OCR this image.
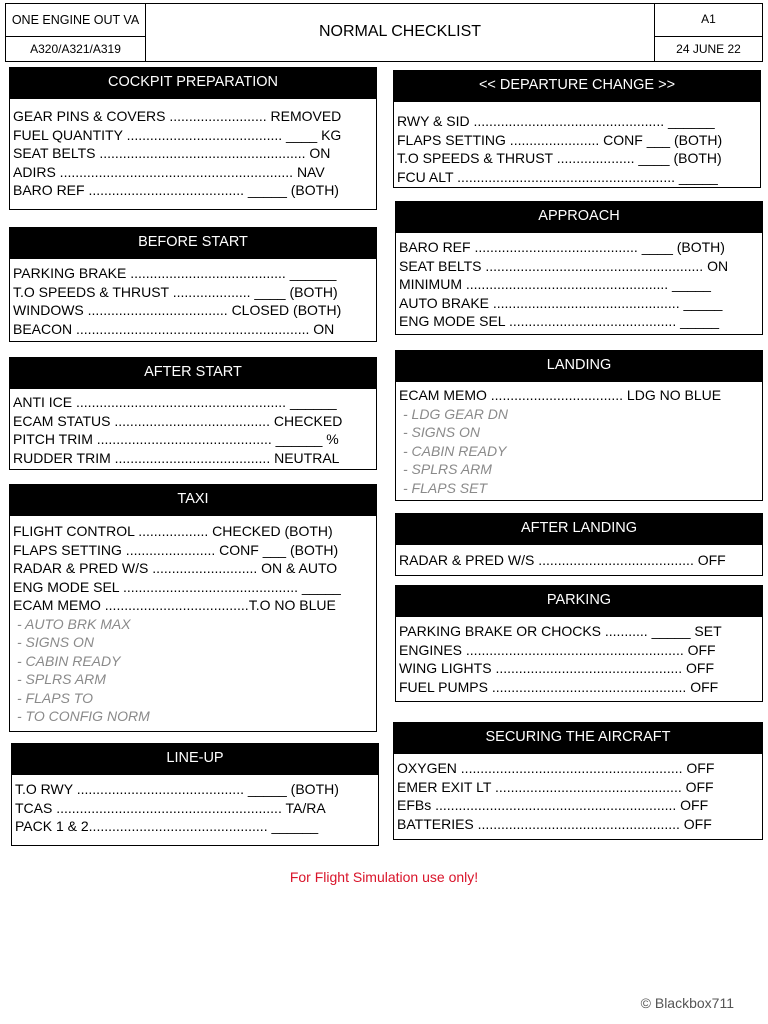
ONE ENGINE OUT VA
A320/A321/A319
NORMAL CHECKLIST
A1
24 JUNE 22
COCKPIT PREPARATION
GEAR PINS & COVERS ......................... REMOVED
FUEL QUANTITY ........................................ ____ KG
SEAT BELTS ..................................................... ON
ADIRS ............................................................ NAV
BARO REF ........................................ _____ (BOTH)
BEFORE START
PARKING BRAKE ........................................ ______
T.O SPEEDS & THRUST .................... ____ (BOTH)
WINDOWS .................................... CLOSED (BOTH)
BEACON ............................................................ ON
AFTER START
ANTI ICE ...................................................... ______
ECAM STATUS ........................................ CHECKED
PITCH TRIM ............................................. ______ %
RUDDER TRIM ........................................ NEUTRAL
TAXI
FLIGHT CONTROL .................. CHECKED (BOTH)
FLAPS SETTING ....................... CONF ___ (BOTH)
RADAR & PRED W/S ........................... ON & AUTO
ENG MODE SEL ............................................. _____
ECAM MEMO .....................................T.O NO BLUE
- AUTO BRK MAX
- SIGNS ON
- CABIN READY
- SPLRS ARM
- FLAPS TO
- TO CONFIG NORM
LINE-UP
T.O RWY ........................................... _____ (BOTH)
TCAS .......................................................... TA/RA
PACK 1 & 2.............................................. ______
<< DEPARTURE CHANGE >>
RWY & SID ................................................. ______
FLAPS SETTING ....................... CONF ___ (BOTH)
T.O SPEEDS & THRUST .................... ____ (BOTH)
FCU ALT ........................................................ _____
APPROACH
BARO REF .......................................... ____ (BOTH)
SEAT BELTS ........................................................ ON
MINIMUM .................................................... _____
AUTO BRAKE ................................................ _____
ENG MODE SEL ........................................... _____
LANDING
ECAM MEMO .................................. LDG NO BLUE
- LDG GEAR DN
- SIGNS ON
- CABIN READY
- SPLRS ARM
- FLAPS SET
AFTER LANDING
RADAR & PRED W/S ........................................ OFF
PARKING
PARKING BRAKE OR CHOCKS ........... _____ SET
ENGINES ........................................................ OFF
WING LIGHTS ................................................ OFF
FUEL PUMPS .................................................. OFF
SECURING THE AIRCRAFT
OXYGEN ......................................................... OFF
EMER EXIT LT ................................................ OFF
EFBs .............................................................. OFF
BATTERIES .................................................... OFF
For Flight Simulation use only!
© Blackbox711
